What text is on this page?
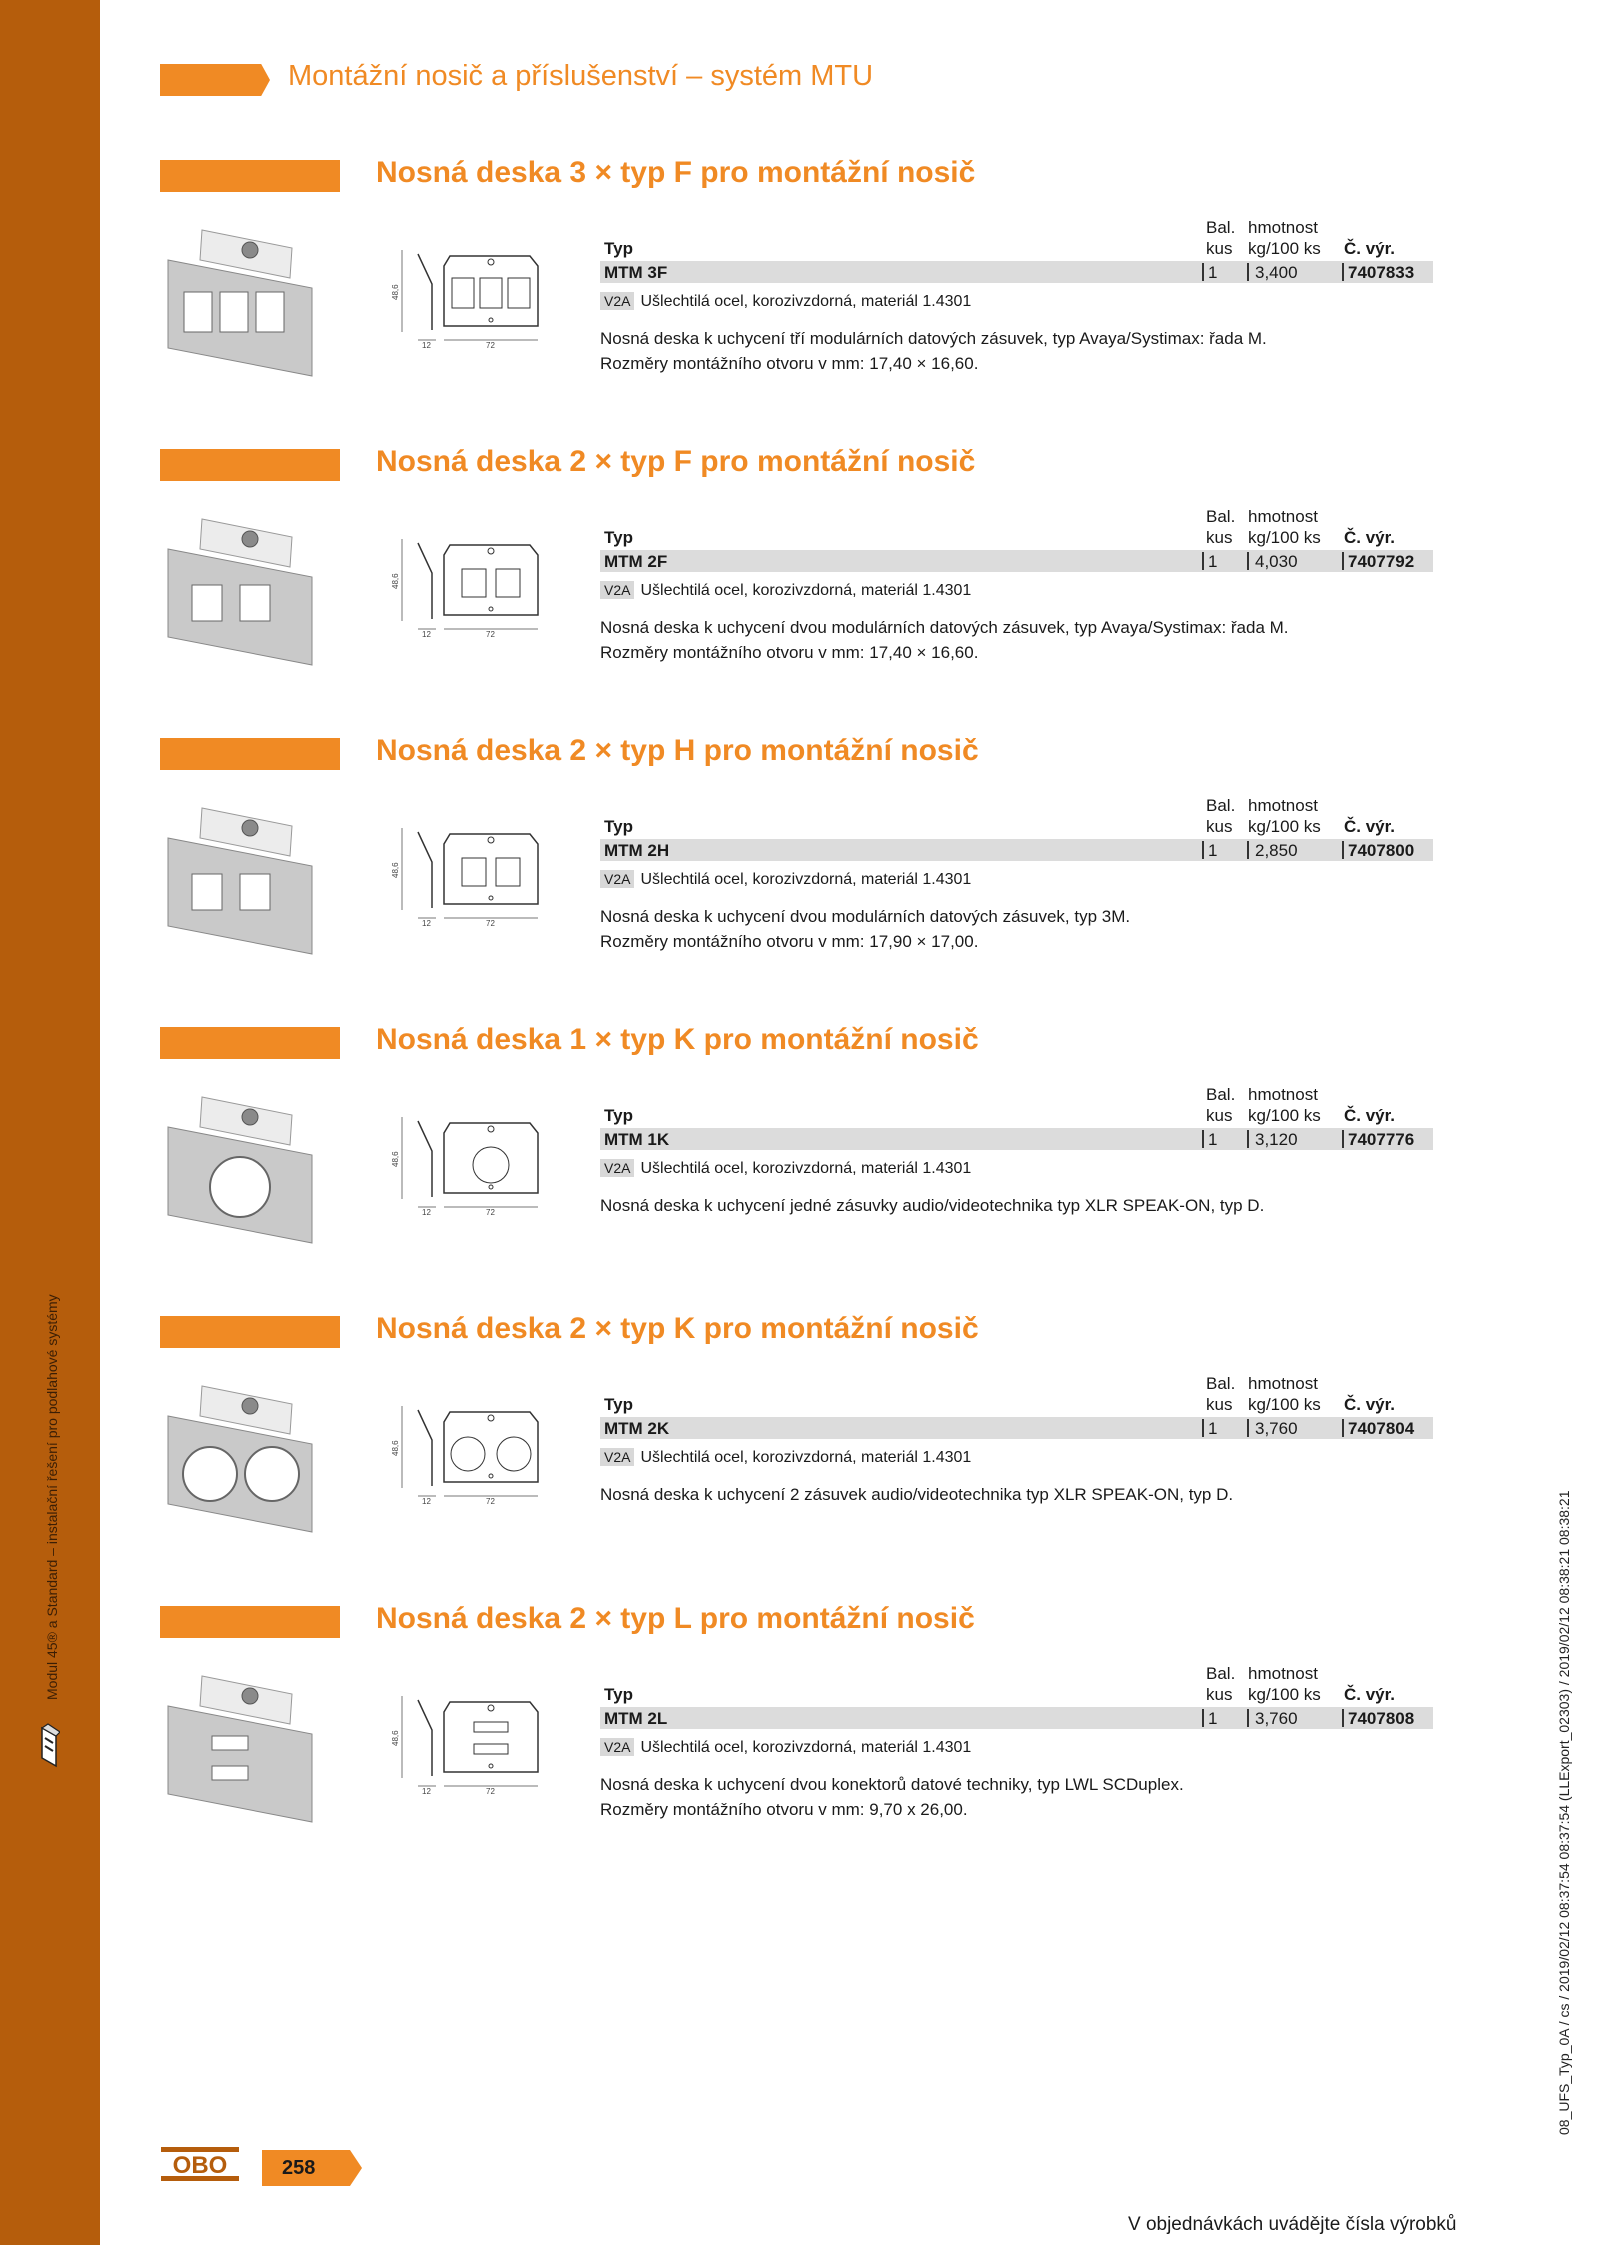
Modul 45® a Standard – instalační řešení pro podlahové systémy	08_UFS_Typ_0A / cs / 2019/02/12 08:37:54 08:37:54 (LLExport_02303) / 2019/02/12 08:38:21 08:38:21
Montážní nosič a příslušenství – systém MTU
Nosná deska 3 × typ F pro montážní nosič
48,6
12	72
Bal. hmotnost
Typ	kus kg/100 ks Č. výr.
MTM 3F	1 3,400	7407833
V2A Ušlechtilá ocel, korozivzdorná, materiál 1.4301
Nosná deska k uchycení tří modulárních datových zásuvek, typ Avaya/Systimax: řada M.
Rozměry montážního otvoru v mm: 17,40 × 16,60.
Nosná deska 2 × typ F pro montážní nosič
48,6
12	72
Bal. hmotnost
Typ	kus kg/100 ks Č. výr.
MTM 2F	1 4,030	7407792
V2A Ušlechtilá ocel, korozivzdorná, materiál 1.4301
Nosná deska k uchycení dvou modulárních datových zásuvek, typ Avaya/Systimax: řada M.
Rozměry montážního otvoru v mm: 17,40 × 16,60.
Nosná deska 2 × typ H pro montážní nosič
48,6
12	72
Bal. hmotnost
Typ	kus kg/100 ks Č. výr.
MTM 2H	1 2,850	7407800
V2A Ušlechtilá ocel, korozivzdorná, materiál 1.4301
Nosná deska k uchycení dvou modulárních datových zásuvek, typ 3M.
Rozměry montážního otvoru v mm: 17,90 × 17,00.
Nosná deska 1 × typ K pro montážní nosič
48,6
12	72
Bal. hmotnost
Typ	kus kg/100 ks Č. výr.
MTM 1K	1 3,120	7407776
V2A Ušlechtilá ocel, korozivzdorná, materiál 1.4301
Nosná deska k uchycení jedné zásuvky audio/videotechnika typ XLR SPEAK-ON, typ D.
Nosná deska 2 × typ K pro montážní nosič
48,6
12	72
Bal. hmotnost
Typ	kus kg/100 ks Č. výr.
MTM 2K	1 3,760	7407804
V2A Ušlechtilá ocel, korozivzdorná, materiál 1.4301
Nosná deska k uchycení 2 zásuvek audio/videotechnika typ XLR SPEAK-ON, typ D.
Nosná deska 2 × typ L pro montážní nosič
48,6
12	72
Bal. hmotnost
Typ	kus kg/100 ks Č. výr.
MTM 2L	1 3,760	7407808
V2A Ušlechtilá ocel, korozivzdorná, materiál 1.4301
Nosná deska k uchycení dvou konektorů datové techniky, typ LWL SCDuplex.
Rozměry montážního otvoru v mm: 9,70 x 26,00.
OBO	258
V objednávkách uvádějte čísla výrobků
